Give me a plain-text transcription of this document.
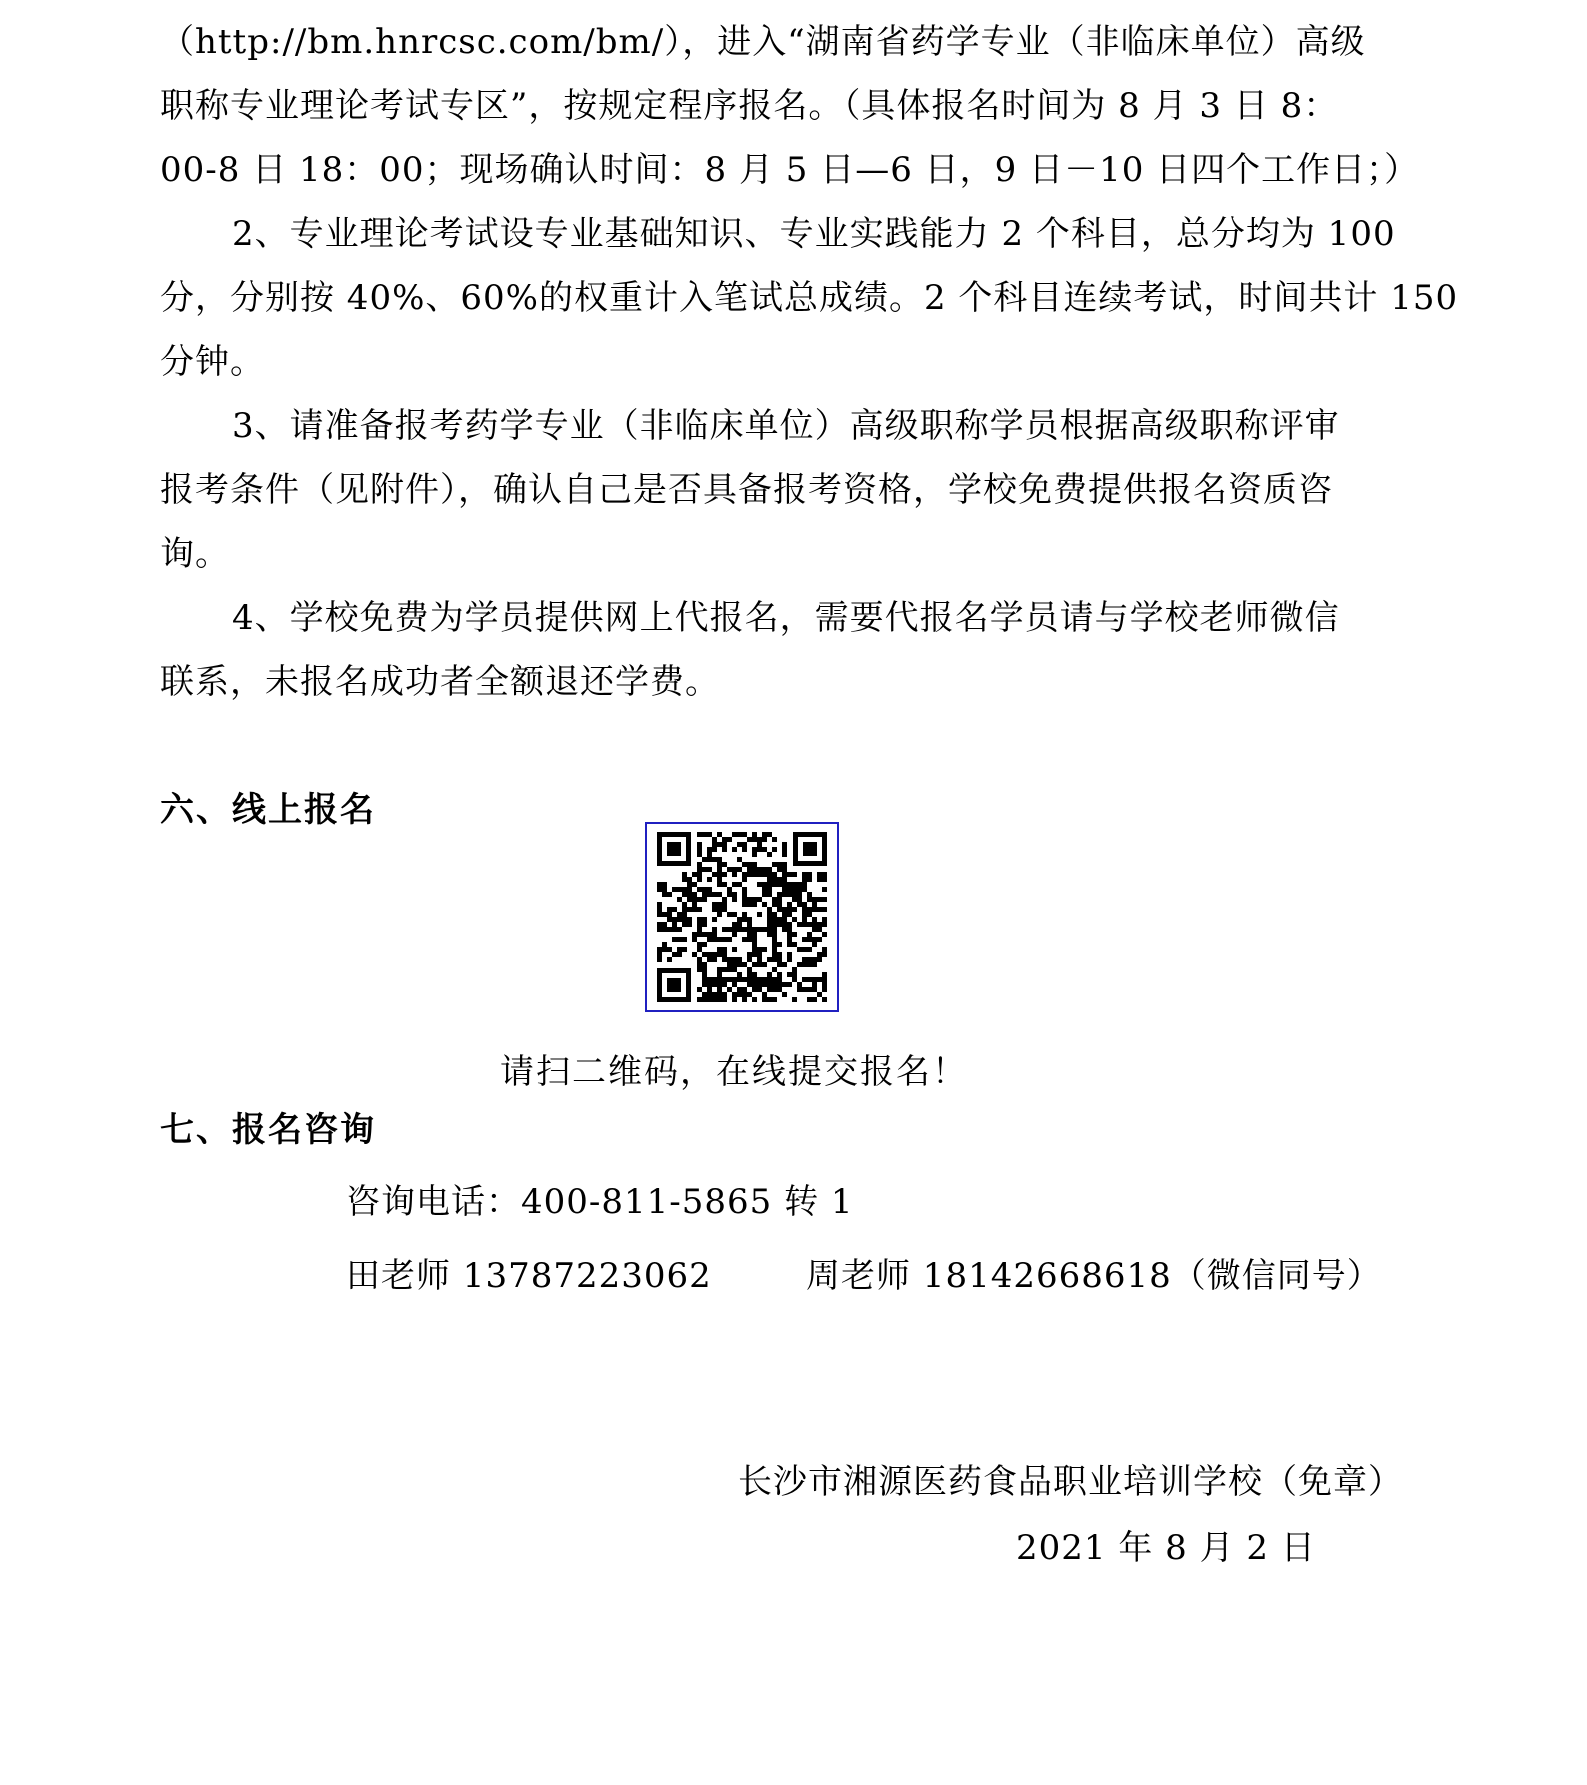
（http://bm.hnrcsc.com/bm/），进入“湖南省药学专业（非临床单位）高级
职称专业理论考试专区”，按规定程序报名。（具体报名时间为 8 月 3 日 8：
00-8 日 18：00；现场确认时间：8 月 5 日—6 日，9 日－10 日四个工作日；）
2、专业理论考试设专业基础知识、专业实践能力 2 个科目，总分均为 100
分，分别按 40%、60%的权重计入笔试总成绩。2 个科目连续考试，时间共计 150
分钟。
3、请准备报考药学专业（非临床单位）高级职称学员根据高级职称评审
报考条件（见附件），确认自己是否具备报考资格，学校免费提供报名资质咨
询。
4、学校免费为学员提供网上代报名，需要代报名学员请与学校老师微信
联系，未报名成功者全额退还学费。
六、线上报名
请扫二维码，在线提交报名！
七、报名咨询
咨询电话：400-811-5865 转 1
田老师 13787223062	周老师 18142668618（微信同号）
长沙市湘源医药食品职业培训学校（免章）
2021 年 8 月 2 日
